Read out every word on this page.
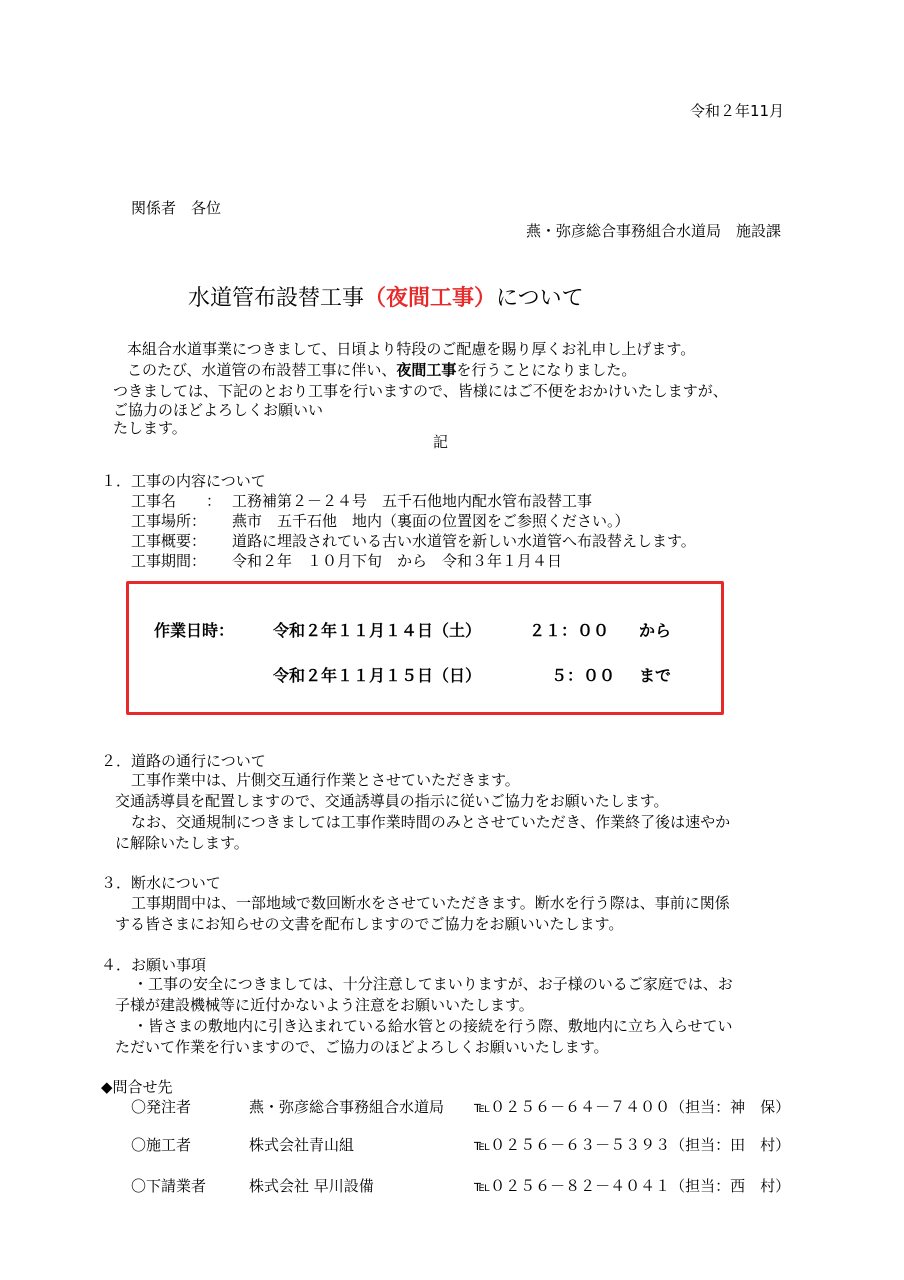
令和２年11月
関係者　各位
燕・弥彦総合事務組合水道局　施設課
水道管布設替工事（夜間工事）について
本組合水道事業につきまして、日頃より特段のご配慮を賜り厚くお礼申し上げます。
このたび、水道管の布設替工事に伴い、夜間工事を行うことになりました。
つきましては、下記のとおり工事を行いますので、皆様にはご不便をおかけいたしますが、
ご協力のほどよろしくお願いい
たします。
記
１．工事の内容について
工事名　　： 工務補第２－２４号　五千石他地内配水管布設替工事
工事場所： 燕市　五千石他　地内（裏面の位置図をご参照ください。）
工事概要： 道路に埋設されている古い水道管を新しい水道管へ布設替えします。
工事期間： 令和２年　１０月下旬　から　令和３年１月４日
作業日時： 令和２年１１月１４日（土）	２１：００ から
令和２年１１月１５日（日）	５：００ まで
２．道路の通行について
工事作業中は、片側交互通行作業とさせていただきます。
交通誘導員を配置しますので、交通誘導員の指示に従いご協力をお願いたします。
なお、交通規制につきましては工事作業時間のみとさせていただき、作業終了後は速やか
に解除いたします。
３．断水について
工事期間中は、一部地域で数回断水をさせていただきます。断水を行う際は、事前に関係
する皆さまにお知らせの文書を配布しますのでご協力をお願いいたします。
４．お願い事項
・工事の安全につきましては、十分注意してまいりますが、お子様のいるご家庭では、お
子様が建設機械等に近付かないよう注意をお願いいたします。
・皆さまの敷地内に引き込まれている給水管との接続を行う際、敷地内に立ち入らせてい
ただいて作業を行いますので、ご協力のほどよろしくお願いいたします。
◆問合せ先
〇発注者	燕・弥彦総合事務組合水道局 ℡０２５６－６４－７４００（担当：神　保）
〇施工者	株式会社青山組	℡０２５６－６３－５３９３（担当：田　村）
〇下請業者	株式会社 早川設備	℡０２５６－８２－４０４１（担当：西　村）
